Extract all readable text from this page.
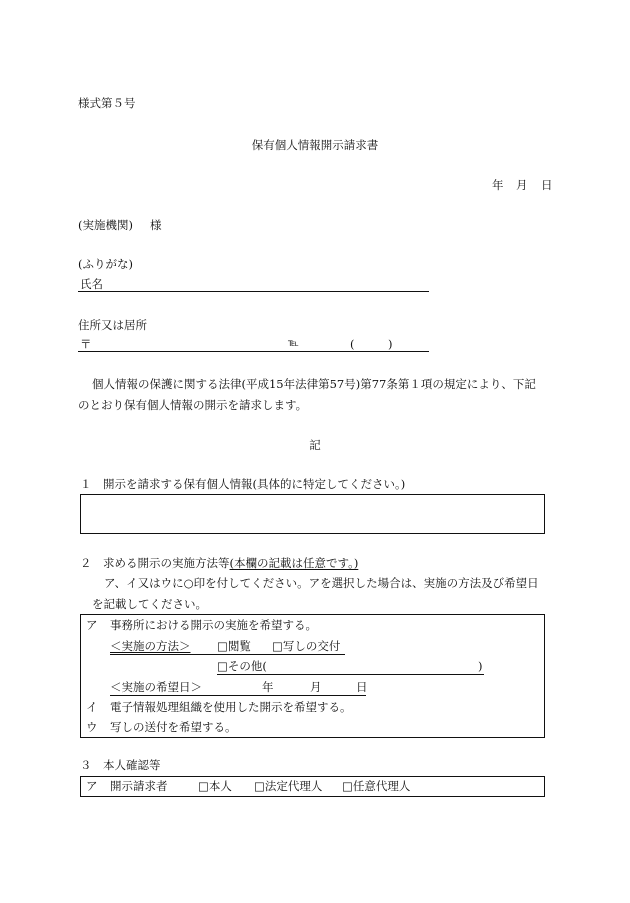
様式第５号
保有個人情報開示請求書
年 月 日
(実施機関) 様
(ふりがな)
氏名
住所又は居所
〒	℡	(	)
個人情報の保護に関する法律(平成15年法律第57号)第77条第１項の規定により、下記
のとおり保有個人情報の開示を請求します。
記
１　開示を請求する保有個人情報(具体的に特定してください。)
２　求める開示の実施方法等(本欄の記載は任意です。)
ア、イ又はウに○印を付してください。アを選択した場合は、実施の方法及び希望日
を記載してください。
ア 事務所における開示の実施を希望する。
＜実施の方法＞ □閲覧 □写しの交付
□その他(	)
＜実施の希望日＞	年	月	日
イ 電子情報処理組織を使用した開示を希望する。
ウ 写しの送付を希望する。
３　本人確認等
ア 開示請求者	□本人 □法定代理人 □任意代理人
